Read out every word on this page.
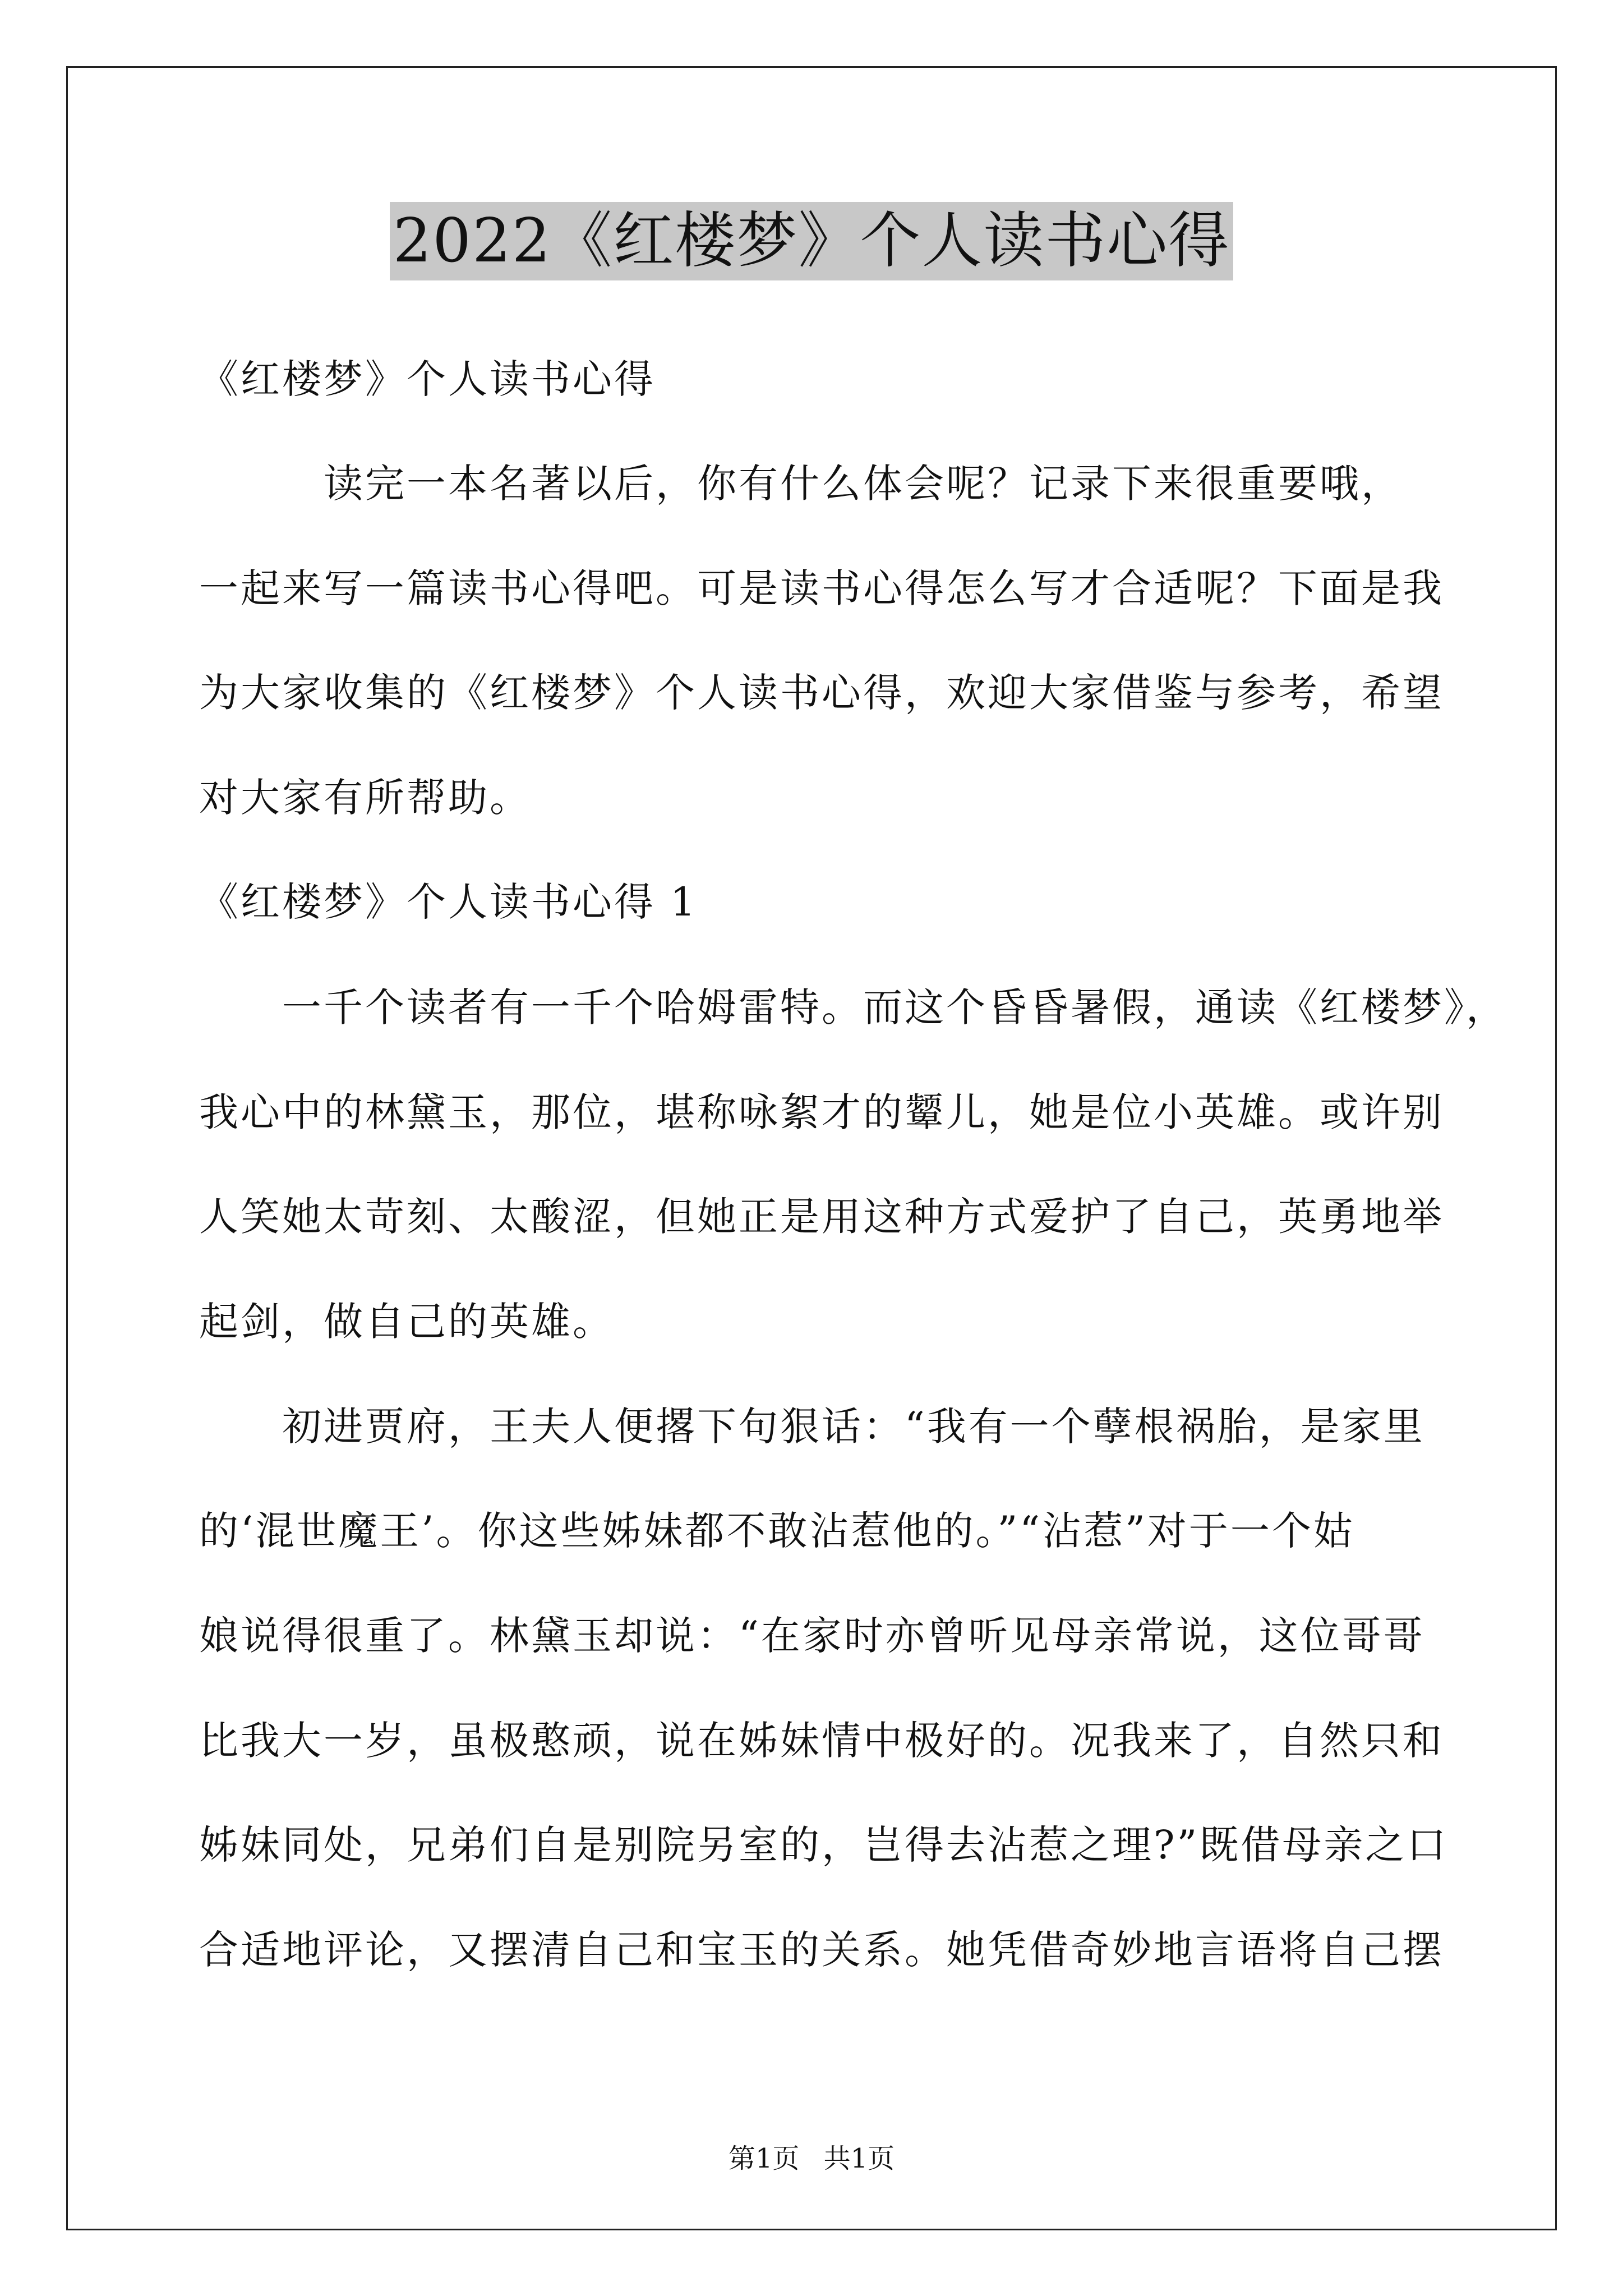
2022《红楼梦》个人读书心得
《红楼梦》个人读书心得
　　　读完一本名著以后，你有什么体会呢？记录下来很重要哦，
一起来写一篇读书心得吧。可是读书心得怎么写才合适呢？下面是我
为大家收集的《红楼梦》个人读书心得，欢迎大家借鉴与参考，希望
对大家有所帮助。
《红楼梦》个人读书心得 1
　　一千个读者有一千个哈姆雷特。而这个昏昏暑假，通读《红楼梦》，
我心中的林黛玉，那位，堪称咏絮才的颦儿，她是位小英雄。或许别
人笑她太苛刻、太酸涩，但她正是用这种方式爱护了自己，英勇地举
起剑，做自己的英雄。
　　初进贾府，王夫人便撂下句狠话：“我有一个孽根祸胎，是家里
的‘混世魔王’。你这些姊妹都不敢沾惹他的。”“沾惹”对于一个姑
娘说得很重了。林黛玉却说：“在家时亦曾听见母亲常说，这位哥哥
比我大一岁，虽极憨顽，说在姊妹情中极好的。况我来了，自然只和
姊妹同处，兄弟们自是别院另室的，岂得去沾惹之理?”既借母亲之口
合适地评论，又摆清自己和宝玉的关系。她凭借奇妙地言语将自己摆
第1页 共1页
